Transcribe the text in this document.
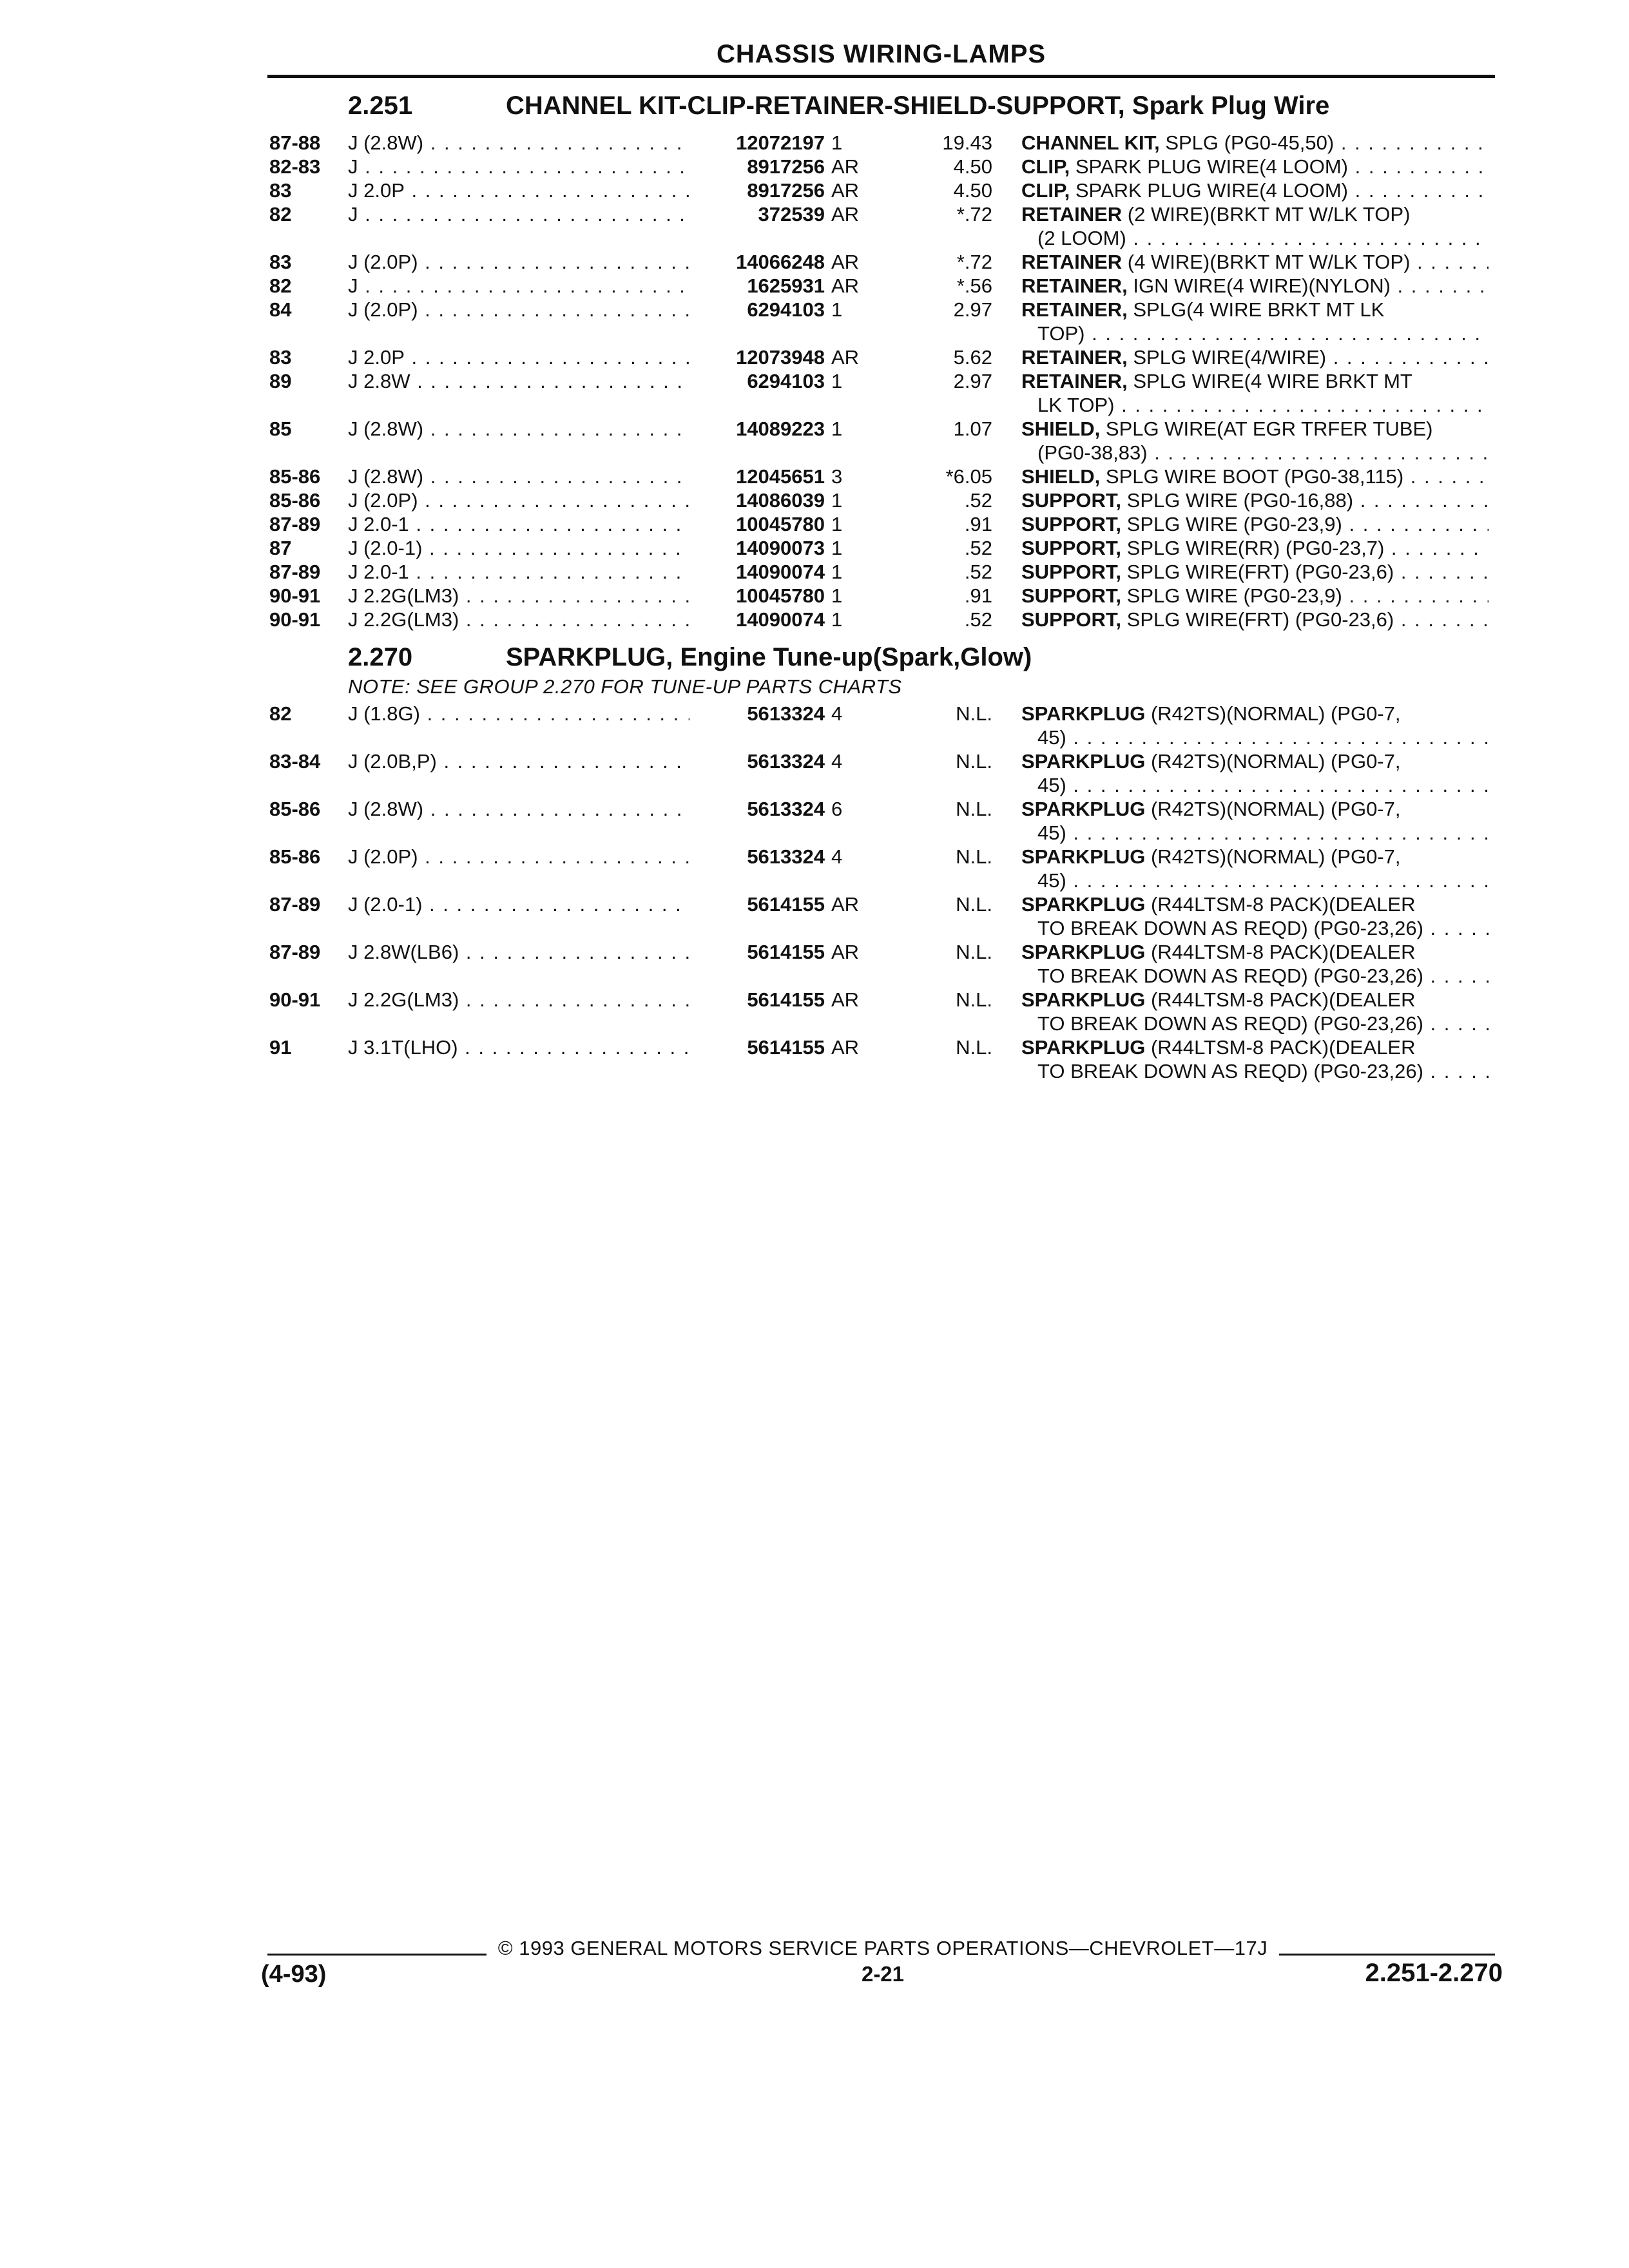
CHASSIS WIRING-LAMPS
2.251	CHANNEL KIT-CLIP-RETAINER-SHIELD-SUPPORT, Spark Plug Wire
87-88 J (2.8W) . . .	12072197 1	19.43 CHANNEL KIT, SPLG (PG0-45,50) . . .
82-83 J . . .	8917256 AR	4.50 CLIP, SPARK PLUG WIRE(4 LOOM) . . .
83	J 2.0P . . .	8917256 AR	4.50 CLIP, SPARK PLUG WIRE(4 LOOM) . . .
82	J . . .	372539 AR	*.72 RETAINER (2 WIRE)(BRKT MT W/LK TOP)
(2 LOOM) . . .
83	J (2.0P) . . .	14066248 AR	*.72 RETAINER (4 WIRE)(BRKT MT W/LK TOP) . . .
82	J . . .	1625931 AR	*.56 RETAINER, IGN WIRE(4 WIRE)(NYLON) . . .
84	J (2.0P) . . .	6294103 1	2.97 RETAINER, SPLG(4 WIRE BRKT MT LK
TOP) . . .
83	J 2.0P . . .	12073948 AR	5.62 RETAINER, SPLG WIRE(4/WIRE) . . .
89	J 2.8W . . .	6294103 1	2.97 RETAINER, SPLG WIRE(4 WIRE BRKT MT
LK TOP) . . .
85	J (2.8W) . . .	14089223 1	1.07 SHIELD, SPLG WIRE(AT EGR TRFER TUBE)
(PG0-38,83) . . .
85-86 J (2.8W) . . .	12045651 3	*6.05 SHIELD, SPLG WIRE BOOT (PG0-38,115) . . .
85-86 J (2.0P) . . .	14086039 1	.52 SUPPORT, SPLG WIRE (PG0-16,88) . . .
87-89 J 2.0-1 . . .	10045780 1	.91 SUPPORT, SPLG WIRE (PG0-23,9) . . .
87	J (2.0-1) . . .	14090073 1	.52 SUPPORT, SPLG WIRE(RR) (PG0-23,7) . . .
87-89 J 2.0-1 . . .	14090074 1	.52 SUPPORT, SPLG WIRE(FRT) (PG0-23,6) . . .
90-91 J 2.2G(LM3) . . .	10045780 1	.91 SUPPORT, SPLG WIRE (PG0-23,9) . . .
90-91 J 2.2G(LM3) . . .	14090074 1	.52 SUPPORT, SPLG WIRE(FRT) (PG0-23,6) . . .
2.270	SPARKPLUG, Engine Tune-up(Spark,Glow)
NOTE: SEE GROUP 2.270 FOR TUNE-UP PARTS CHARTS
82	J (1.8G) . . .	5613324 4	N.L. SPARKPLUG (R42TS)(NORMAL) (PG0-7,
45) . . .
83-84 J (2.0B,P) . . .	5613324 4	N.L. SPARKPLUG (R42TS)(NORMAL) (PG0-7,
45) . . .
85-86 J (2.8W) . . .	5613324 6	N.L. SPARKPLUG (R42TS)(NORMAL) (PG0-7,
45) . . .
85-86 J (2.0P) . . .	5613324 4	N.L. SPARKPLUG (R42TS)(NORMAL) (PG0-7,
45) . . .
87-89 J (2.0-1) . . .	5614155 AR	N.L. SPARKPLUG (R44LTSM-8 PACK)(DEALER
TO BREAK DOWN AS REQD) (PG0-23,26) . . .
87-89 J 2.8W(LB6) . . .	5614155 AR	N.L. SPARKPLUG (R44LTSM-8 PACK)(DEALER
TO BREAK DOWN AS REQD) (PG0-23,26) . . .
90-91 J 2.2G(LM3) . . .	5614155 AR	N.L. SPARKPLUG (R44LTSM-8 PACK)(DEALER
TO BREAK DOWN AS REQD) (PG0-23,26) . . .
91	J 3.1T(LHO) . . .	5614155 AR	N.L. SPARKPLUG (R44LTSM-8 PACK)(DEALER
TO BREAK DOWN AS REQD) (PG0-23,26) . . .
© 1993 GENERAL MOTORS SERVICE PARTS OPERATIONS—CHEVROLET—17J
(4-93)	2-21	2.251-2.270
